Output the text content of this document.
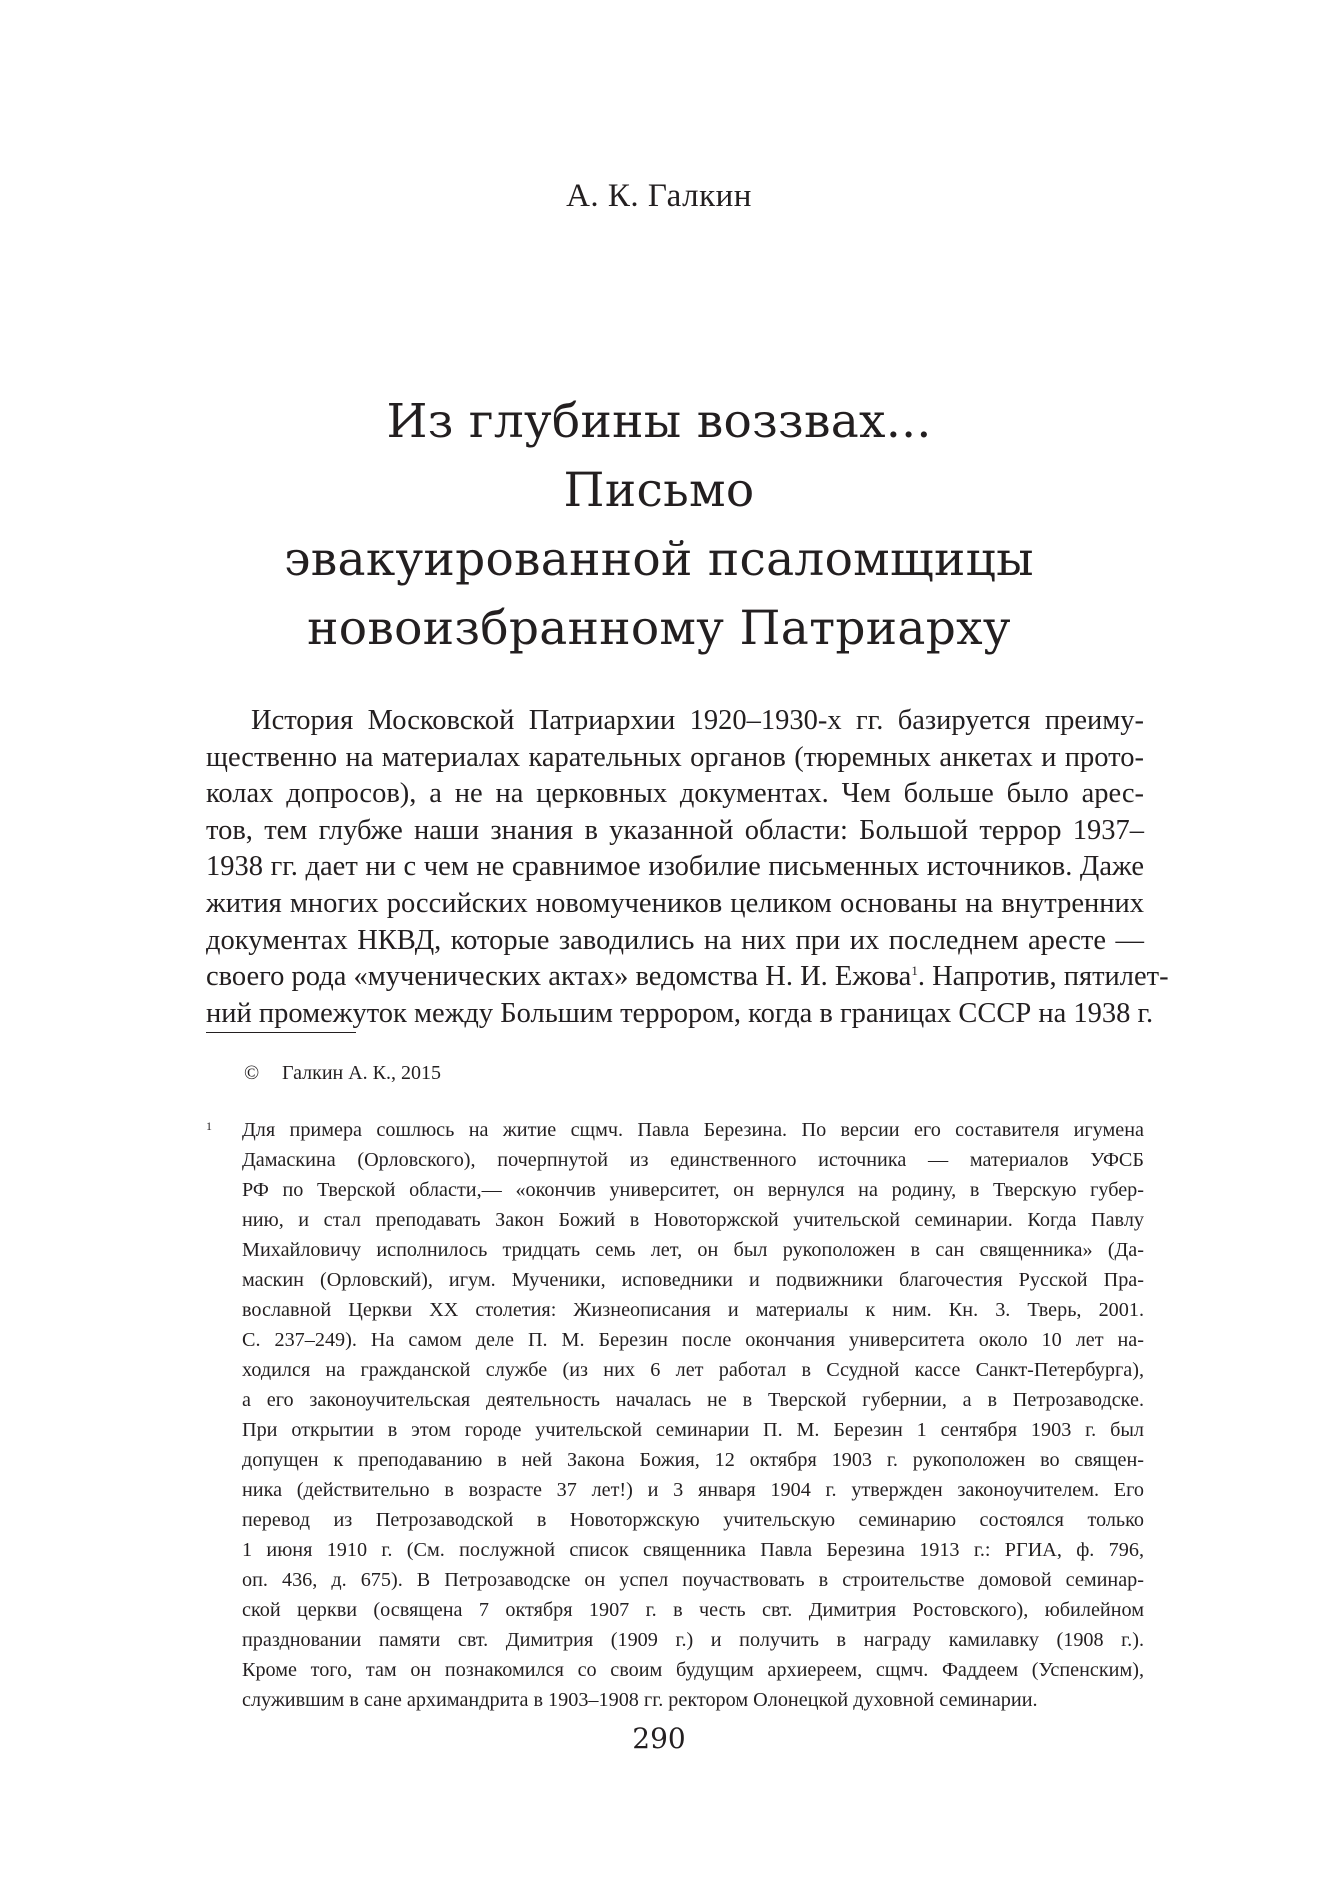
А. К. Галкин
Из глубины воззвах...
Письмо
эвакуированной псаломщицы
новоизбранному Патриарху
История Московской Патриархии 1920–1930-х гг. базируется преиму-
щественно на материалах карательных органов (тюремных анкетах и прото-
колах допросов), а не на церковных документах. Чем больше было арес-
тов, тем глубже наши знания в указанной области: Большой террор 1937–
1938 гг. дает ни с чем не сравнимое изобилие письменных источников. Даже
жития многих российских новомучеников целиком основаны на внутренних
документах НКВД, которые заводились на них при их последнем аресте —
своего рода «мученических актах» ведомства Н. И. Ежова$^1$. Напротив, пятилет-
ний промежуток между Большим террором, когда в границах СССР на 1938 г.
© Галкин А. К., 2015
1 Для примера сошлюсь на житие сщмч. Павла Березина. По версии его составителя игумена
Дамаскина (Орловского), почерпнутой из единственного источника — материалов УФСБ
РФ по Тверской области,— «окончив университет, он вернулся на родину, в Тверскую губер-
нию, и стал преподавать Закон Божий в Новоторжской учительской семинарии. Когда Павлу
Михайловичу исполнилось тридцать семь лет, он был рукоположен в сан священника» (Да-
маскин (Орловский), игум. Мученики, исповедники и подвижники благочестия Русской Пра-
вославной Церкви XX столетия: Жизнеописания и материалы к ним. Кн. 3. Тверь, 2001.
С. 237–249). На самом деле П. М. Березин после окончания университета около 10 лет на-
ходился на гражданской службе (из них 6 лет работал в Ссудной кассе Санкт-Петербурга),
а его законоучительская деятельность началась не в Тверской губернии, а в Петрозаводске.
При открытии в этом городе учительской семинарии П. М. Березин 1 сентября 1903 г. был
допущен к преподаванию в ней Закона Божия, 12 октября 1903 г. рукоположен во священ-
ника (действительно в возрасте 37 лет!) и 3 января 1904 г. утвержден законоучителем. Его
перевод из Петрозаводской в Новоторжскую учительскую семинарию состоялся только
1 июня 1910 г. (См. послужной список священника Павла Березина 1913 г.: РГИА, ф. 796,
оп. 436, д. 675). В Петрозаводске он успел поучаствовать в строительстве домовой семинар-
ской церкви (освящена 7 октября 1907 г. в честь свт. Димитрия Ростовского), юбилейном
праздновании памяти свт. Димитрия (1909 г.) и получить в награду камилавку (1908 г.).
Кроме того, там он познакомился со своим будущим архиереем, сщмч. Фаддеем (Успенским),
служившим в сане архимандрита в 1903–1908 гг. ректором Олонецкой духовной семинарии.
290
